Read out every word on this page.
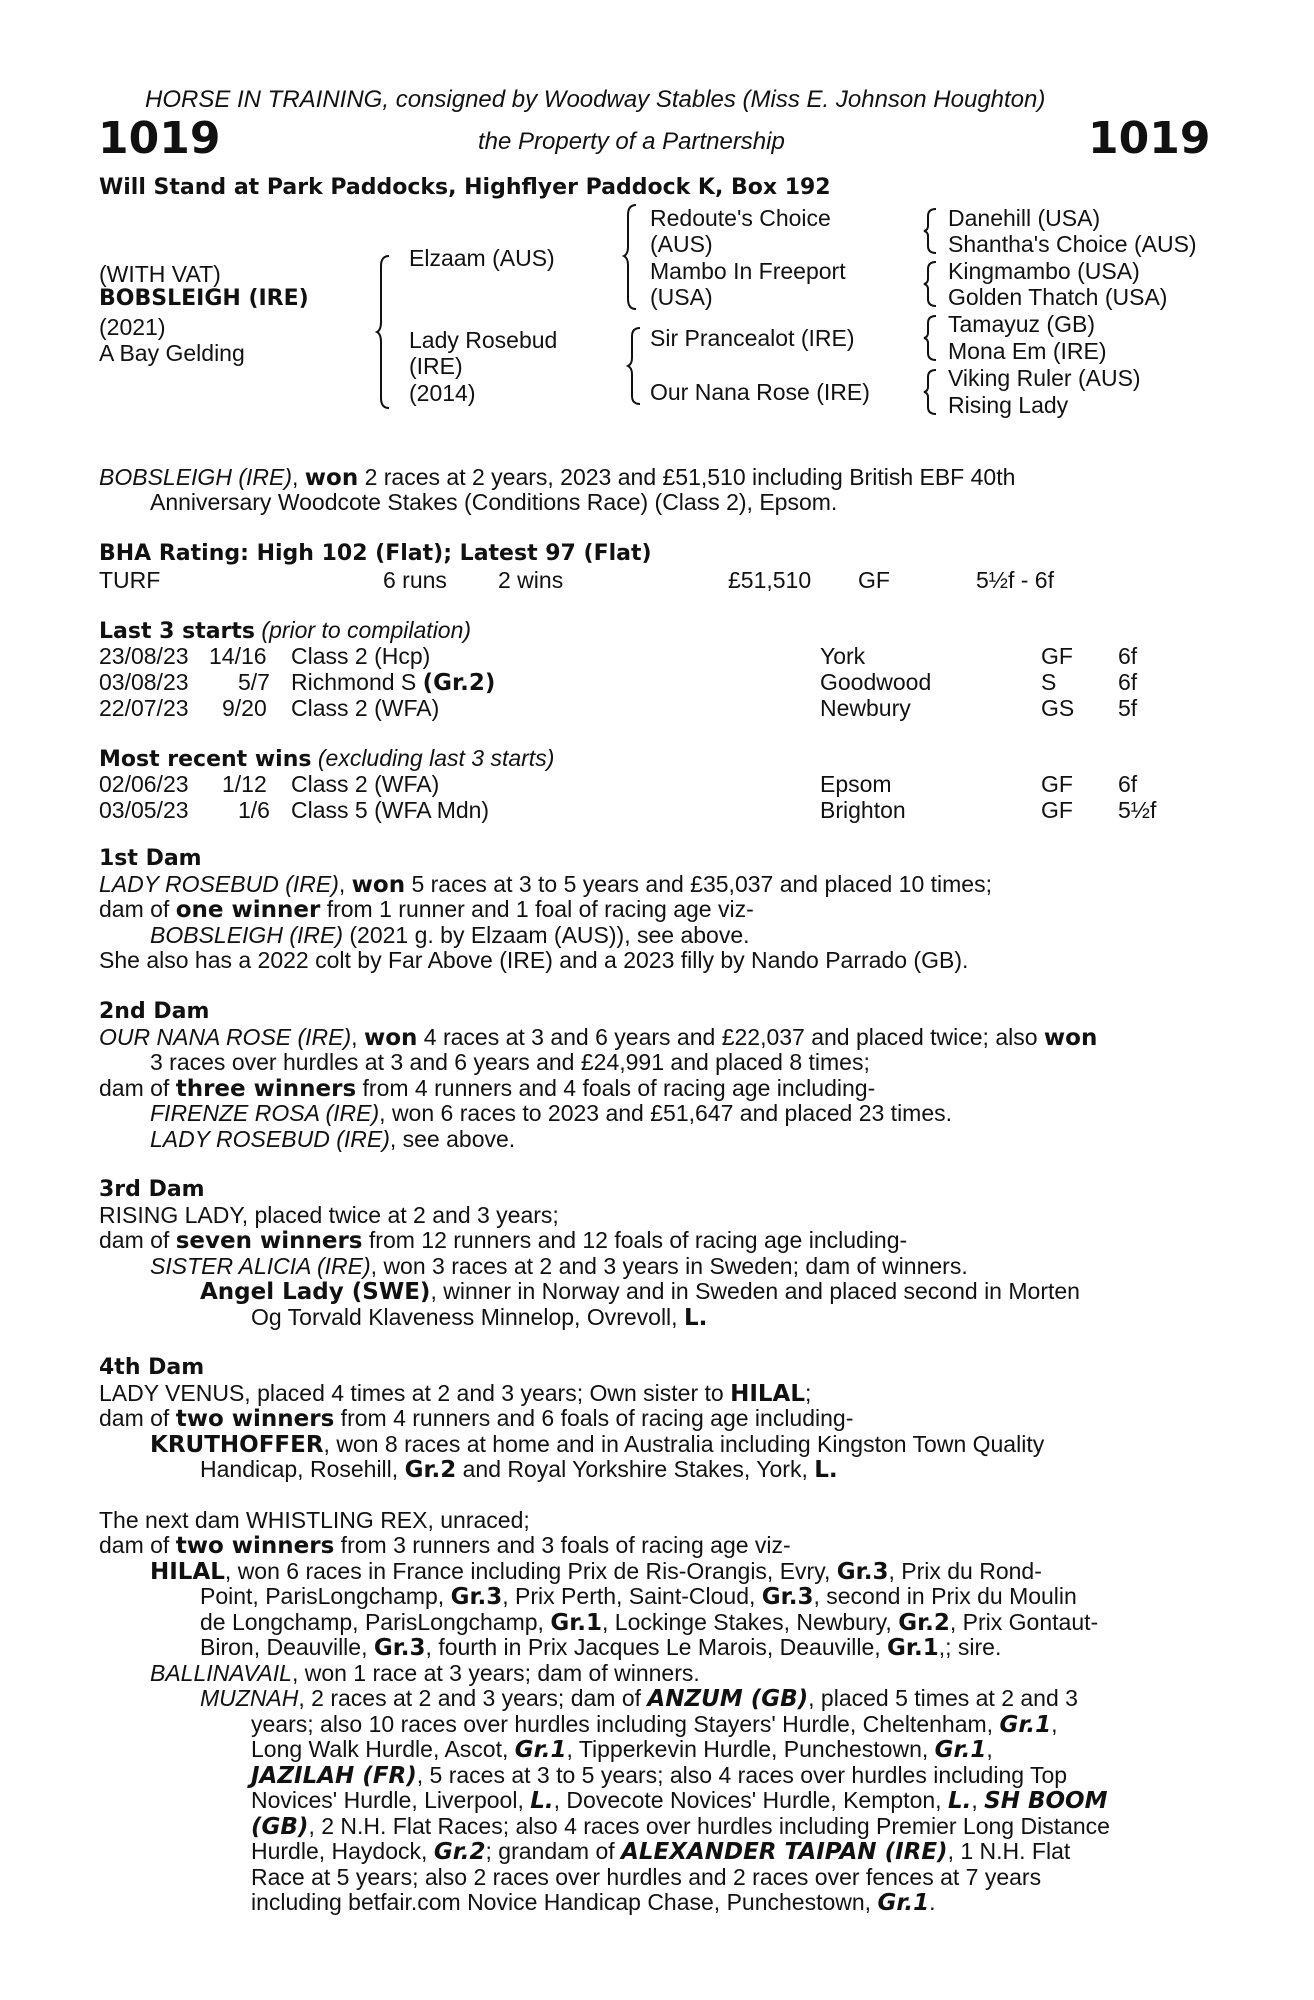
HORSE IN TRAINING, consigned by Woodway Stables (Miss E. Johnson Houghton)
1019	the Property of a Partnership	1019
Will Stand at Park Paddocks, Highflyer Paddock K, Box 192
(WITH VAT)
BOBSLEIGH (IRE)
(2021)
A Bay Gelding
Elzaam (AUS)
Lady Rosebud
(IRE)
(2014)
Redoute's Choice
(AUS)
Mambo In Freeport
(USA)
Sir Prancealot (IRE)
Our Nana Rose (IRE)
Danehill (USA)
Shantha's Choice (AUS)
Kingmambo (USA)
Golden Thatch (USA)
Tamayuz (GB)
Mona Em (IRE)
Viking Ruler (AUS)
Rising Lady
BOBSLEIGH (IRE), won 2 races at 2 years, 2023 and £51,510 including British EBF 40th
Anniversary Woodcote Stakes (Conditions Race) (Class 2), Epsom.
BHA Rating: High 102 (Flat); Latest 97 (Flat)
TURF	6 runs 2 wins	£51,510 GF	5½f - 6f
Last 3 starts (prior to compilation)
23/08/23 14/16 Class 2 (Hcp)	York	GF 6f
03/08/23 5/7 Richmond S (Gr.2)	Goodwood	S	6f
22/07/23 9/20 Class 2 (WFA)	Newbury	GS 5f
Most recent wins (excluding last 3 starts)
02/06/23 1/12 Class 2 (WFA)	Epsom	GF 6f
03/05/23 1/6 Class 5 (WFA Mdn)	Brighton	GF 5½f
1st Dam
LADY ROSEBUD (IRE), won 5 races at 3 to 5 years and £35,037 and placed 10 times;
dam of one winner from 1 runner and 1 foal of racing age viz-
BOBSLEIGH (IRE) (2021 g. by Elzaam (AUS)), see above.
She also has a 2022 colt by Far Above (IRE) and a 2023 filly by Nando Parrado (GB).
2nd Dam
OUR NANA ROSE (IRE), won 4 races at 3 and 6 years and £22,037 and placed twice; also won
3 races over hurdles at 3 and 6 years and £24,991 and placed 8 times;
dam of three winners from 4 runners and 4 foals of racing age including-
FIRENZE ROSA (IRE), won 6 races to 2023 and £51,647 and placed 23 times.
LADY ROSEBUD (IRE), see above.
3rd Dam
RISING LADY, placed twice at 2 and 3 years;
dam of seven winners from 12 runners and 12 foals of racing age including-
SISTER ALICIA (IRE), won 3 races at 2 and 3 years in Sweden; dam of winners.
Angel Lady (SWE), winner in Norway and in Sweden and placed second in Morten
Og Torvald Klaveness Minnelop, Ovrevoll, L.
4th Dam
LADY VENUS, placed 4 times at 2 and 3 years; Own sister to HILAL;
dam of two winners from 4 runners and 6 foals of racing age including-
KRUTHOFFER, won 8 races at home and in Australia including Kingston Town Quality
Handicap, Rosehill, Gr.2 and Royal Yorkshire Stakes, York, L.
The next dam WHISTLING REX, unraced;
dam of two winners from 3 runners and 3 foals of racing age viz-
HILAL, won 6 races in France including Prix de Ris-Orangis, Evry, Gr.3, Prix du Rond-
Point, ParisLongchamp, Gr.3, Prix Perth, Saint-Cloud, Gr.3, second in Prix du Moulin
de Longchamp, ParisLongchamp, Gr.1, Lockinge Stakes, Newbury, Gr.2, Prix Gontaut-
Biron, Deauville, Gr.3, fourth in Prix Jacques Le Marois, Deauville, Gr.1,; sire.
BALLINAVAIL, won 1 race at 3 years; dam of winners.
MUZNAH, 2 races at 2 and 3 years; dam of ANZUM (GB), placed 5 times at 2 and 3
years; also 10 races over hurdles including Stayers' Hurdle, Cheltenham, Gr.1,
Long Walk Hurdle, Ascot, Gr.1, Tipperkevin Hurdle, Punchestown, Gr.1,
JAZILAH (FR), 5 races at 3 to 5 years; also 4 races over hurdles including Top
Novices' Hurdle, Liverpool, L., Dovecote Novices' Hurdle, Kempton, L., SH BOOM
(GB), 2 N.H. Flat Races; also 4 races over hurdles including Premier Long Distance
Hurdle, Haydock, Gr.2; grandam of ALEXANDER TAIPAN (IRE), 1 N.H. Flat
Race at 5 years; also 2 races over hurdles and 2 races over fences at 7 years
including betfair.com Novice Handicap Chase, Punchestown, Gr.1.
